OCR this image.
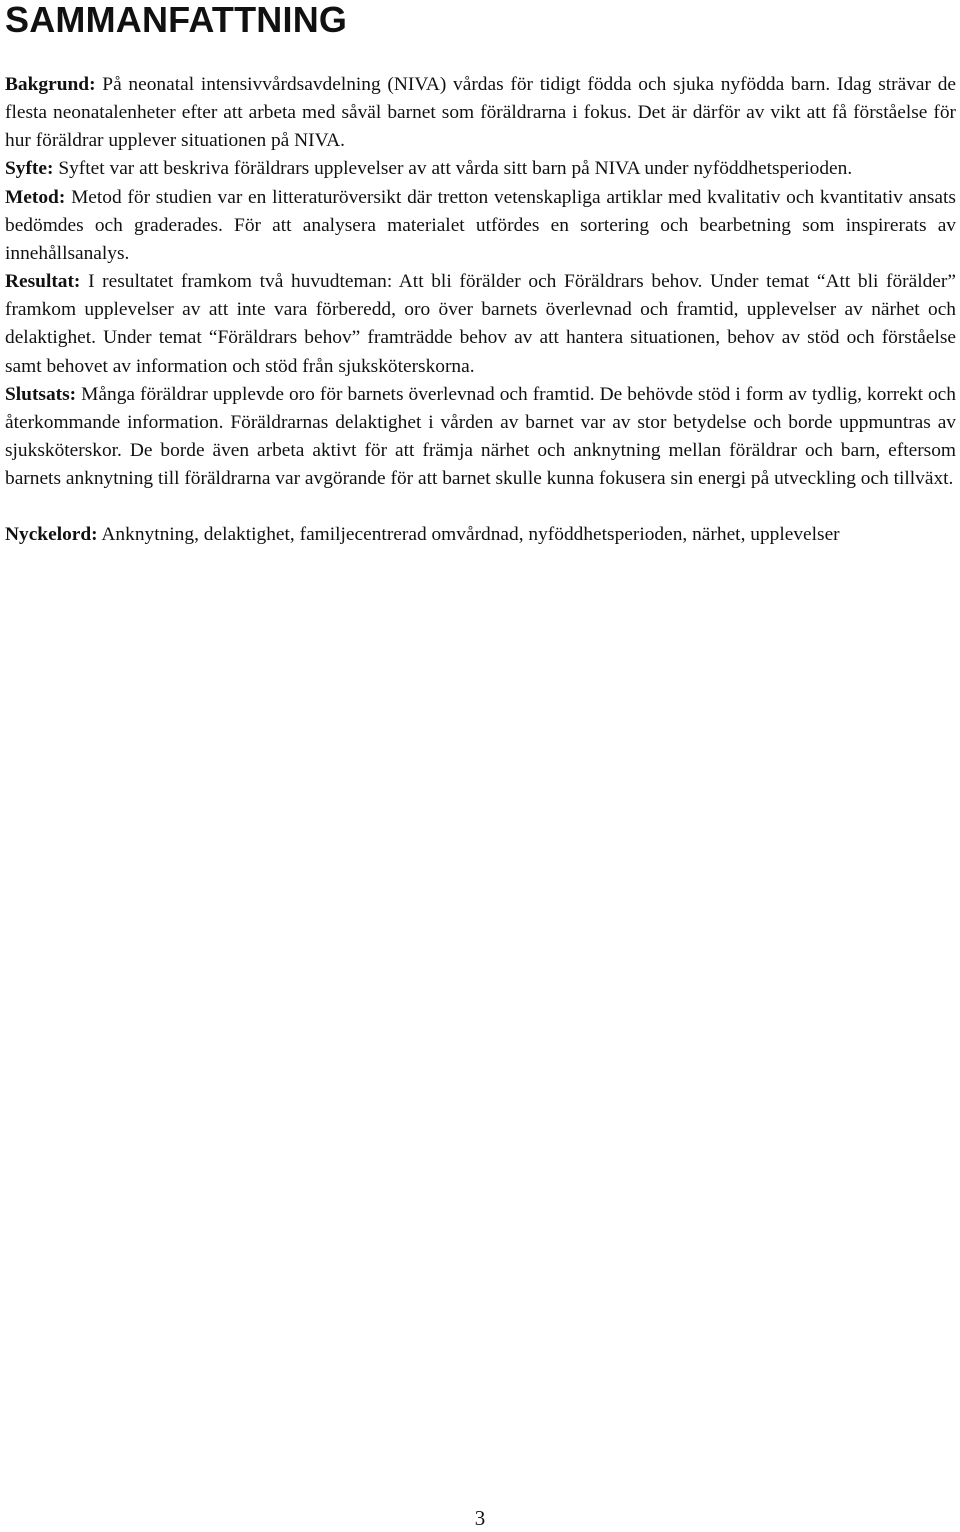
SAMMANFATTNING

Bakgrund: På neonatal intensivvårdsavdelning (NIVA) vårdas för tidigt födda och sjuka nyfödda barn. Idag strävar de flesta neonatalenheter efter att arbeta med såväl barnet som föräldrarna i fokus. Det är därför av vikt att få förståelse för hur föräldrar upplever situationen på NIVA.

Syfte: Syftet var att beskriva föräldrars upplevelser av att vårda sitt barn på NIVA under nyföddhetsperioden.

Metod: Metod för studien var en litteraturöversikt där tretton vetenskapliga artiklar med kvalitativ och kvantitativ ansats bedömdes och graderades. För att analysera materialet utfördes en sortering och bearbetning som inspirerats av innehållsanalys.

Resultat: I resultatet framkom två huvudteman: Att bli förälder och Föräldrars behov. Under temat “Att bli förälder” framkom upplevelser av att inte vara förberedd, oro över barnets överlevnad och framtid, upplevelser av närhet och delaktighet. Under temat “Föräldrars behov” framträdde behov av att hantera situationen, behov av stöd och förståelse samt behovet av information och stöd från sjuksköterskorna.

Slutsats: Många föräldrar upplevde oro för barnets överlevnad och framtid. De behövde stöd i form av tydlig, korrekt och återkommande information. Föräldrarnas delaktighet i vården av barnet var av stor betydelse och borde uppmuntras av sjuksköterskor. De borde även arbeta aktivt för att främja närhet och anknytning mellan föräldrar och barn, eftersom barnets anknytning till föräldrarna var avgörande för att barnet skulle kunna fokusera sin energi på utveckling och tillväxt.

Nyckelord: Anknytning, delaktighet, familjecentrerad omvårdnad, nyföddhetsperioden, närhet, upplevelser

3
